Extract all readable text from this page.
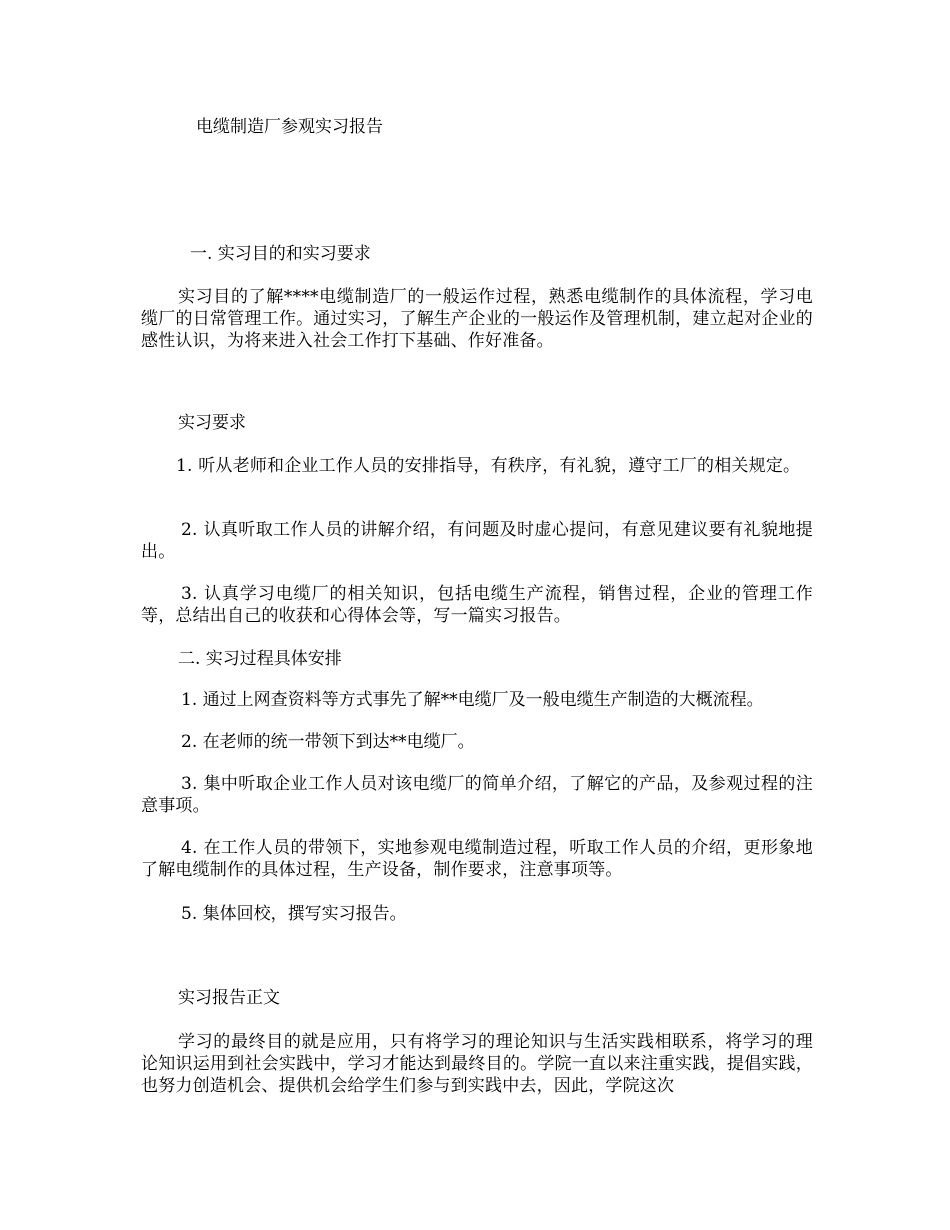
电缆制造厂参观实习报告

一. 实习目的和实习要求

实习目的了解****电缆制造厂的一般运作过程，熟悉电缆制作的具体流程，学习电缆厂的日常管理工作。通过实习，了解生产企业的一般运作及管理机制，建立起对企业的感性认识，为将来进入社会工作打下基础、作好准备。

实习要求

1. 听从老师和企业工作人员的安排指导，有秩序，有礼貌，遵守工厂的相关规定。

2. 认真听取工作人员的讲解介绍，有问题及时虚心提问，有意见建议要有礼貌地提出。

3. 认真学习电缆厂的相关知识，包括电缆生产流程，销售过程，企业的管理工作等，总结出自己的收获和心得体会等，写一篇实习报告。

二. 实习过程具体安排

1. 通过上网查资料等方式事先了解**电缆厂及一般电缆生产制造的大概流程。

2. 在老师的统一带领下到达**电缆厂。

3. 集中听取企业工作人员对该电缆厂的简单介绍，了解它的产品，及参观过程的注意事项。

4. 在工作人员的带领下，实地参观电缆制造过程，听取工作人员的介绍，更形象地了解电缆制作的具体过程，生产设备，制作要求，注意事项等。

5. 集体回校，撰写实习报告。

实习报告正文

学习的最终目的就是应用，只有将学习的理论知识与生活实践相联系，将学习的理论知识运用到社会实践中，学习才能达到最终目的。学院一直以来注重实践，提倡实践，也努力创造机会、提供机会给学生们参与到实践中去，因此，学院这次
